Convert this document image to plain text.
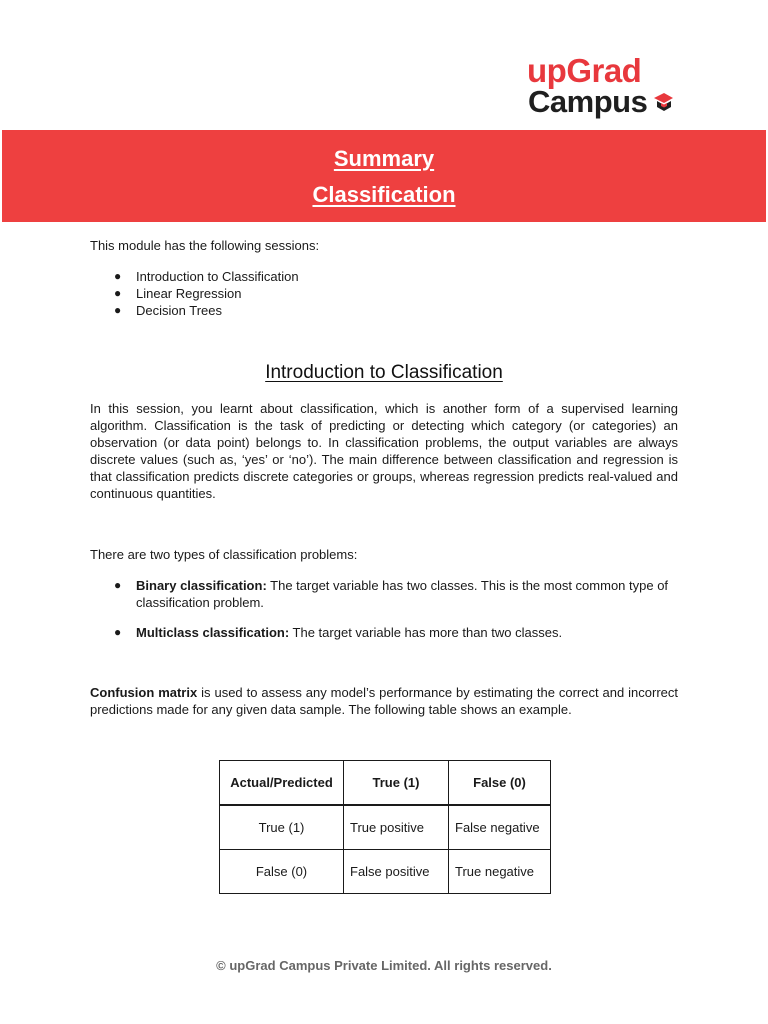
upGrad
Campus
Summary
Classification

This module has the following sessions:

● Introduction to Classification
● Linear Regression
● Decision Trees
Introduction to Classification

In this session, you learnt about classification, which is another form of a supervised learning algorithm. Classification is the task of predicting or detecting which category (or categories) an observation (or data point) belongs to. In classification problems, the output variables are always discrete values (such as, ‘yes’ or ‘no’). The main difference between classification and regression is that classification predicts discrete categories or groups, whereas regression predicts real-valued and continuous quantities.

There are two types of classification problems:

● Binary classification: The target variable has two classes. This is the most common type of classification problem.
● Multiclass classification: The target variable has more than two classes.

Confusion matrix is used to assess any model’s performance by estimating the correct and incorrect predictions made for any given data sample. The following table shows an example.

Actual/Predicted	True (1)	False (0)
True (1)	True positive	False negative
False (0)	False positive	True negative
© upGrad Campus Private Limited. All rights reserved.
